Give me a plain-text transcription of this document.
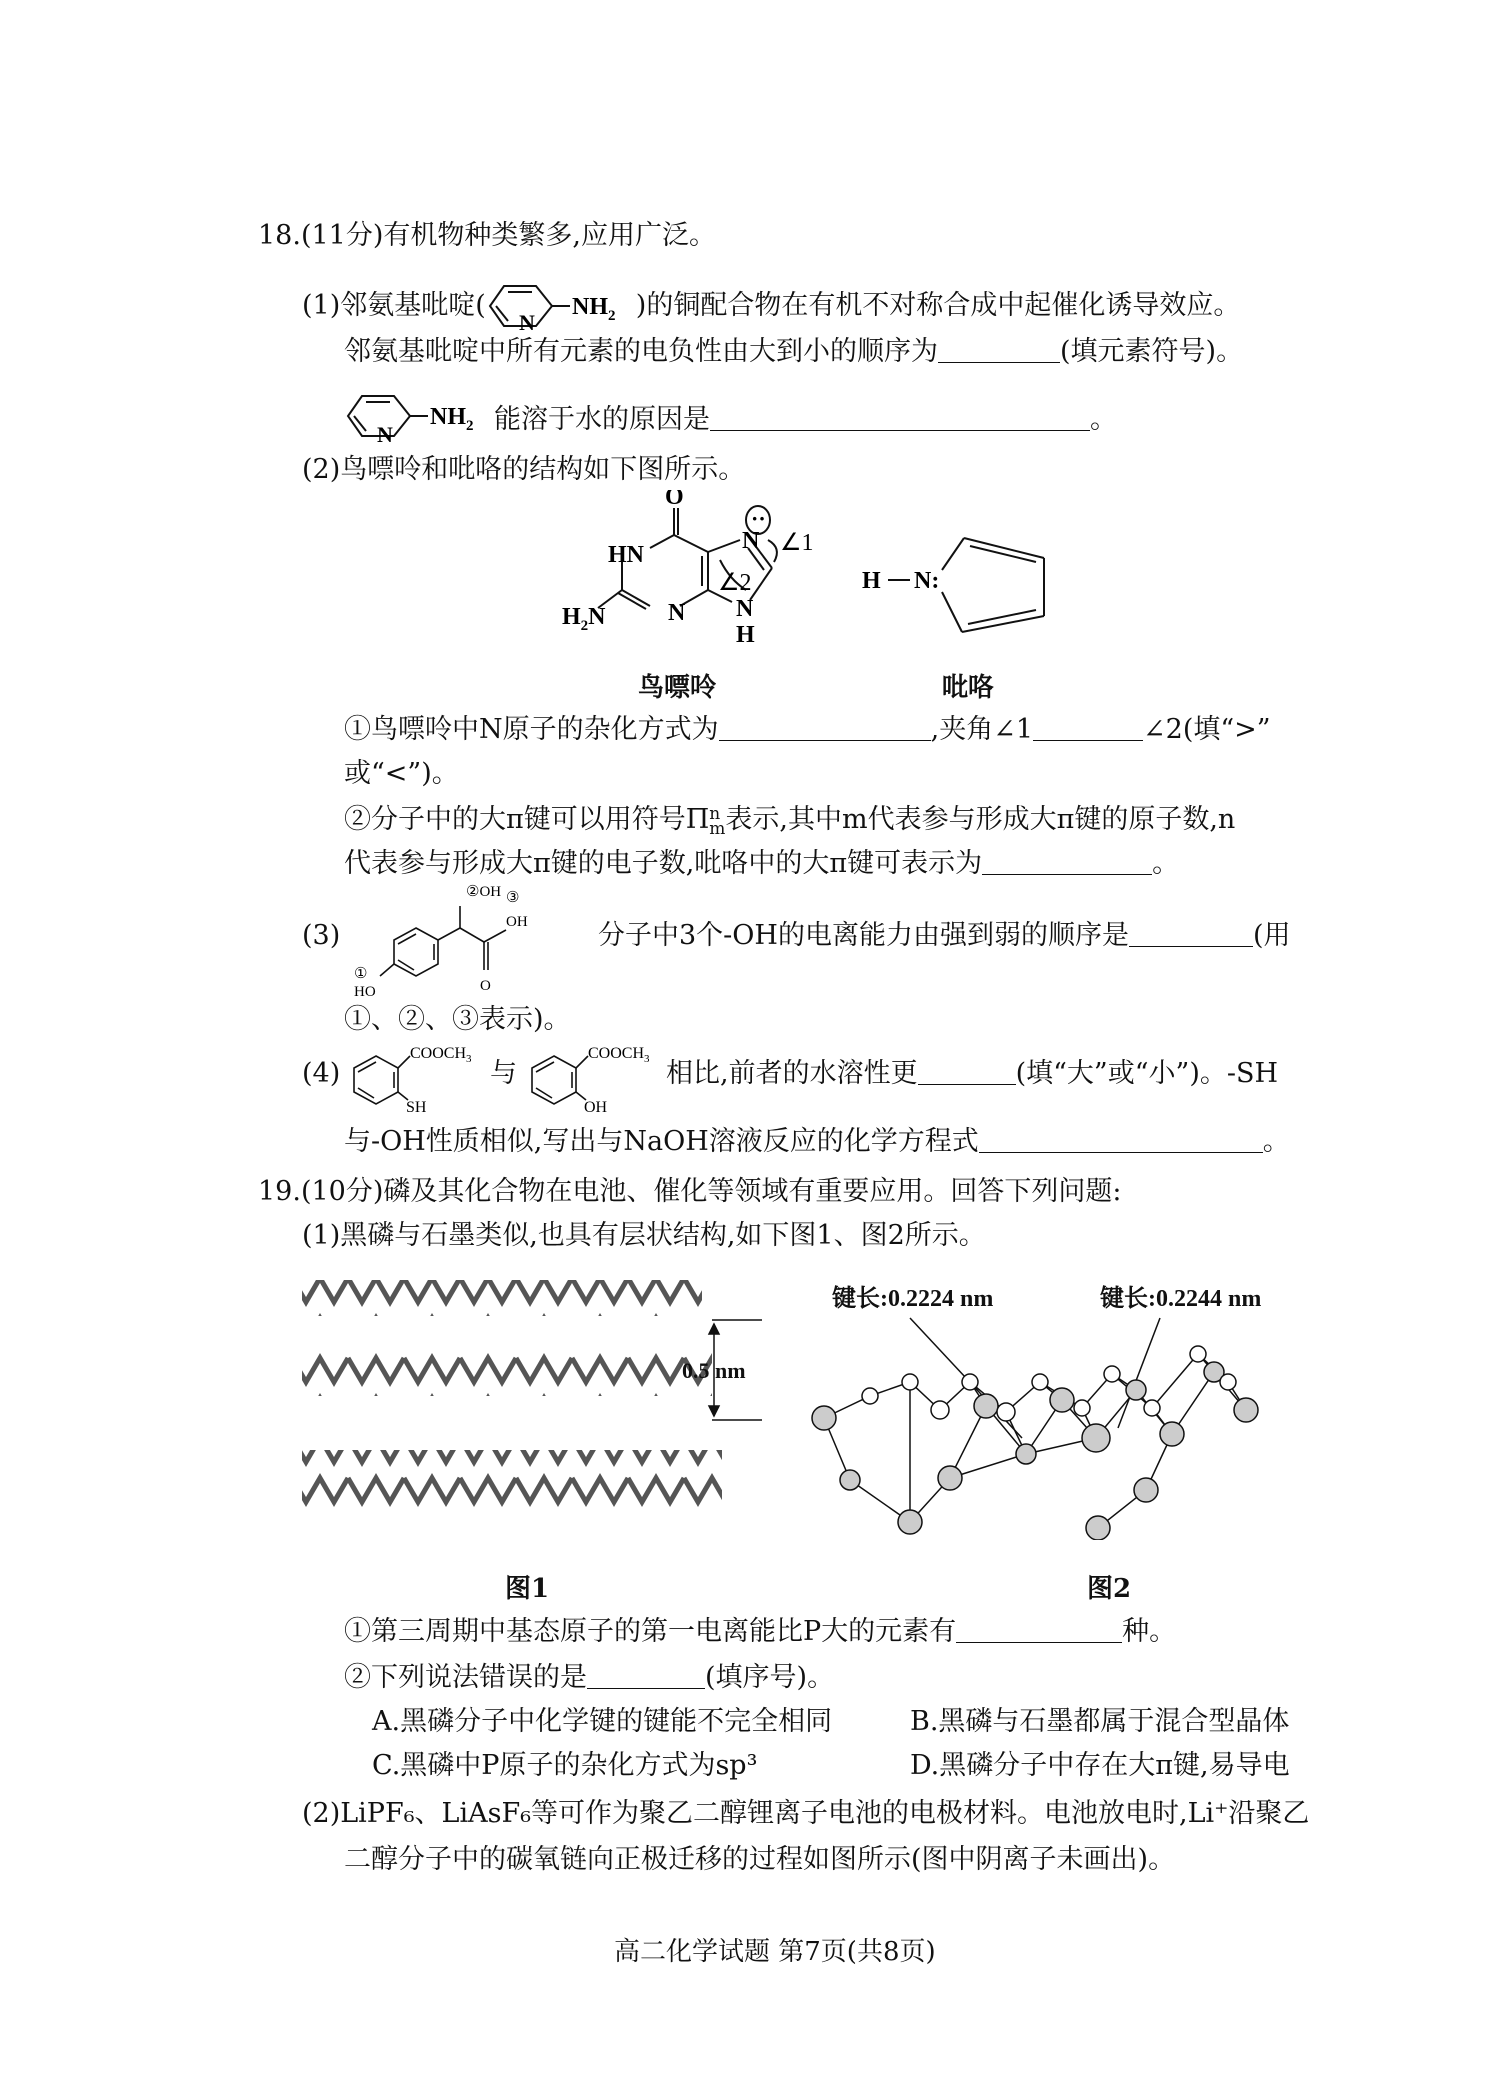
18.(11分)有机物种类繁多,应用广泛。
(1)邻氨基吡啶(
N
$NH_2$ )的铜配合物在有机不对称合成中起催化诱导效应。
邻氨基吡啶中所有元素的电负性由大到小的顺序为	(填元素符号)。
N
$NH_2$ 能溶于水的原因是	。
(2)鸟嘌呤和吡咯的结构如下图所示。
O
HN
N
··
∠1
∠2
N N
H
$H_2N$
H N:
鸟嘌呤	吡咯
①鸟嘌呤中N原子的杂化方式为	,夹角∠1	∠2(填“>”
或“<”)。
②分子中的大π键可以用符号Πn
m表示,其中m代表参与形成大π键的原子数,n
代表参与形成大π键的电子数,吡咯中的大π键可表示为	。
(3)
②OH ③
OH
①
HO	O
分子中3个-OH的电离能力由强到弱的顺序是	(用
①、②、③表示)。
(4)
$COOCH_3$
SH
与
$COOCH_3$
OH
相比,前者的水溶性更	(填“大”或“小”)。-SH
与-OH性质相似,写出与NaOH溶液反应的化学方程式	。
19.(10分)磷及其化合物在电池、催化等领域有重要应用。回答下列问题:
(1)黑磷与石墨类似,也具有层状结构,如下图1、图2所示。
0.5 nm
键长:0.2224 nm	键长:0.2244 nm
图1	图2
①第三周期中基态原子的第一电离能比P大的元素有	种。
②下列说法错误的是	(填序号)。
A.黑磷分子中化学键的键能不完全相同	B.黑磷与石墨都属于混合型晶体
C.黑磷中P原子的杂化方式为sp³	D.黑磷分子中存在大π键,易导电
(2)LiPF₆、LiAsF₆等可作为聚乙二醇锂离子电池的电极材料。电池放电时,Li⁺沿聚乙
二醇分子中的碳氧链向正极迁移的过程如图所示(图中阴离子未画出)。
高二化学试题 第7页(共8页)
